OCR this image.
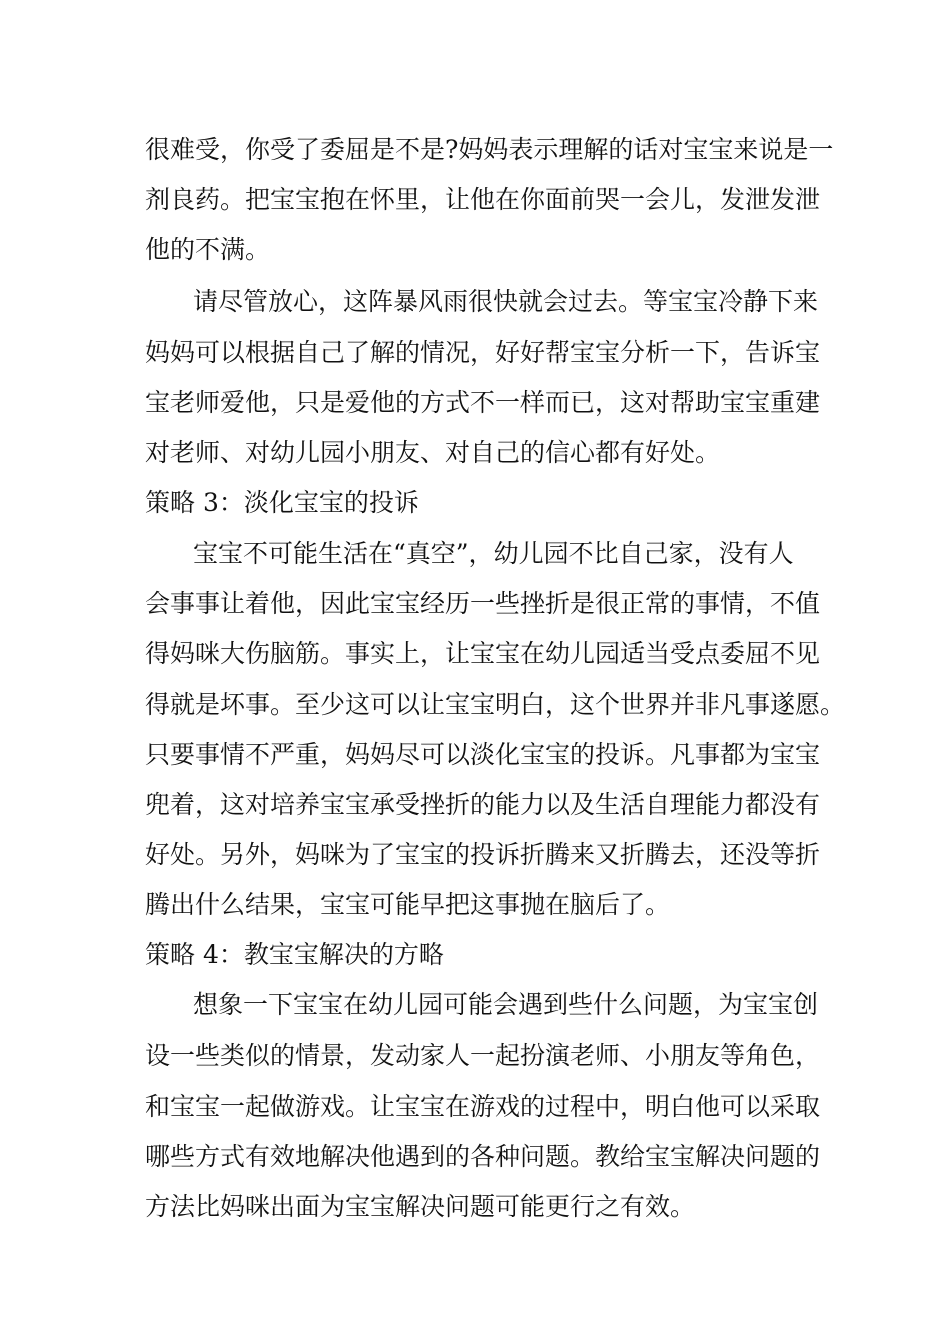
很难受，你受了委屈是不是?妈妈表示理解的话对宝宝来说是一

剂良药。把宝宝抱在怀里，让他在你面前哭一会儿，发泄发泄

他的不满。

请尽管放心，这阵暴风雨很快就会过去。等宝宝冷静下来

妈妈可以根据自己了解的情况，好好帮宝宝分析一下，告诉宝

宝老师爱他，只是爱他的方式不一样而已，这对帮助宝宝重建

对老师、对幼儿园小朋友、对自己的信心都有好处。

策略 3：淡化宝宝的投诉

宝宝不可能生活在“真空”，幼儿园不比自己家，没有人

会事事让着他，因此宝宝经历一些挫折是很正常的事情，不值

得妈咪大伤脑筋。事实上，让宝宝在幼儿园适当受点委屈不见

得就是坏事。至少这可以让宝宝明白，这个世界并非凡事遂愿。

只要事情不严重，妈妈尽可以淡化宝宝的投诉。凡事都为宝宝

兜着，这对培养宝宝承受挫折的能力以及生活自理能力都没有

好处。另外，妈咪为了宝宝的投诉折腾来又折腾去，还没等折

腾出什么结果，宝宝可能早把这事抛在脑后了。

策略 4：教宝宝解决的方略

想象一下宝宝在幼儿园可能会遇到些什么问题，为宝宝创

设一些类似的情景，发动家人一起扮演老师、小朋友等角色，

和宝宝一起做游戏。让宝宝在游戏的过程中，明白他可以采取

哪些方式有效地解决他遇到的各种问题。教给宝宝解决问题的

方法比妈咪出面为宝宝解决问题可能更行之有效。
